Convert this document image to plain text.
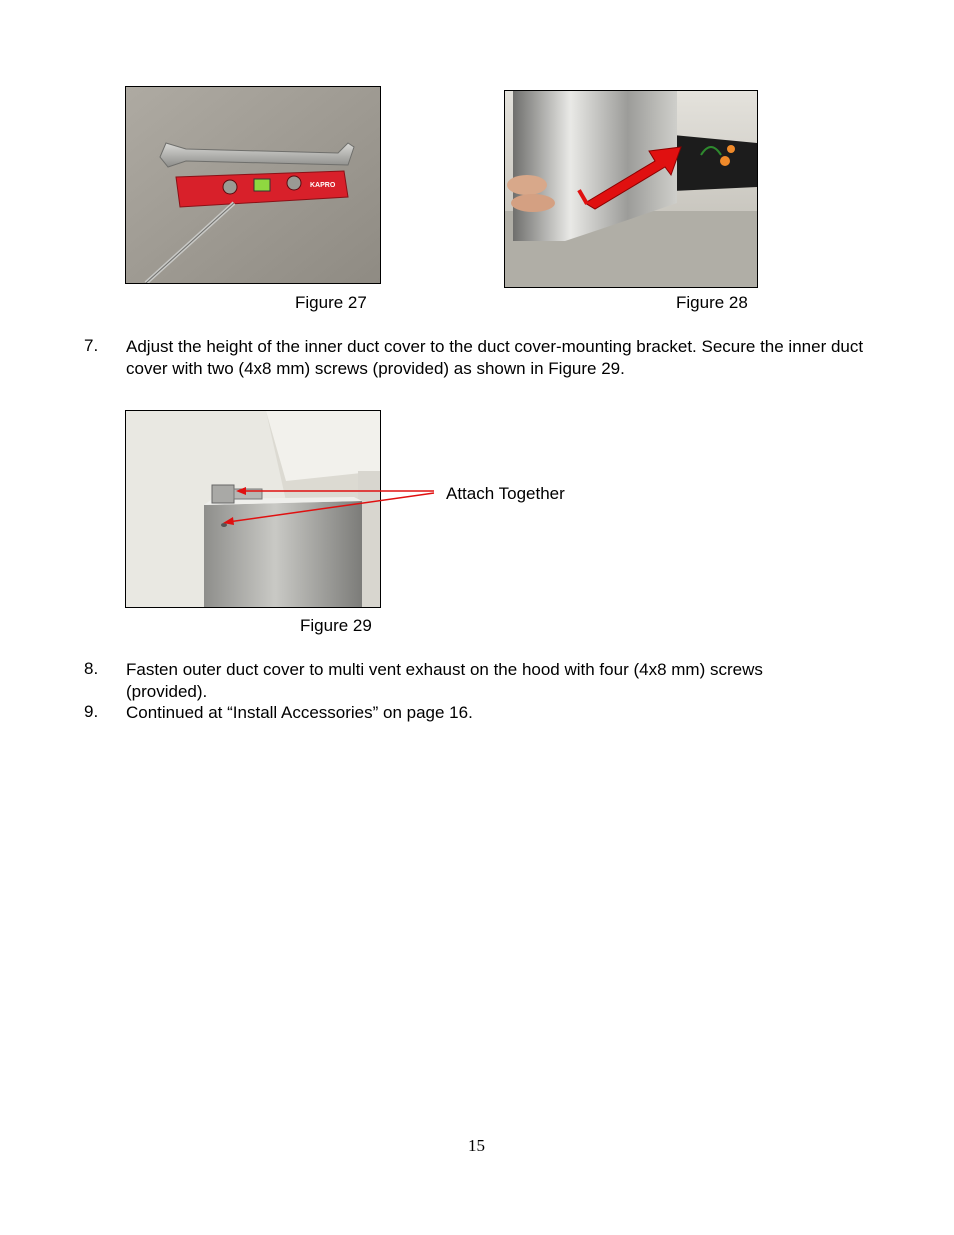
KAPRO
Figure 27	Figure 28
7. Adjust the height of the inner duct cover to the duct cover-mounting bracket. Secure the inner duct cover with two (4x8 mm) screws (provided) as shown in Figure 29.
Attach Together
Figure 29
8. Fasten outer duct cover to multi vent exhaust on the hood with four (4x8 mm) screws (provided).
9. Continued at “Install Accessories” on page 16.
15
